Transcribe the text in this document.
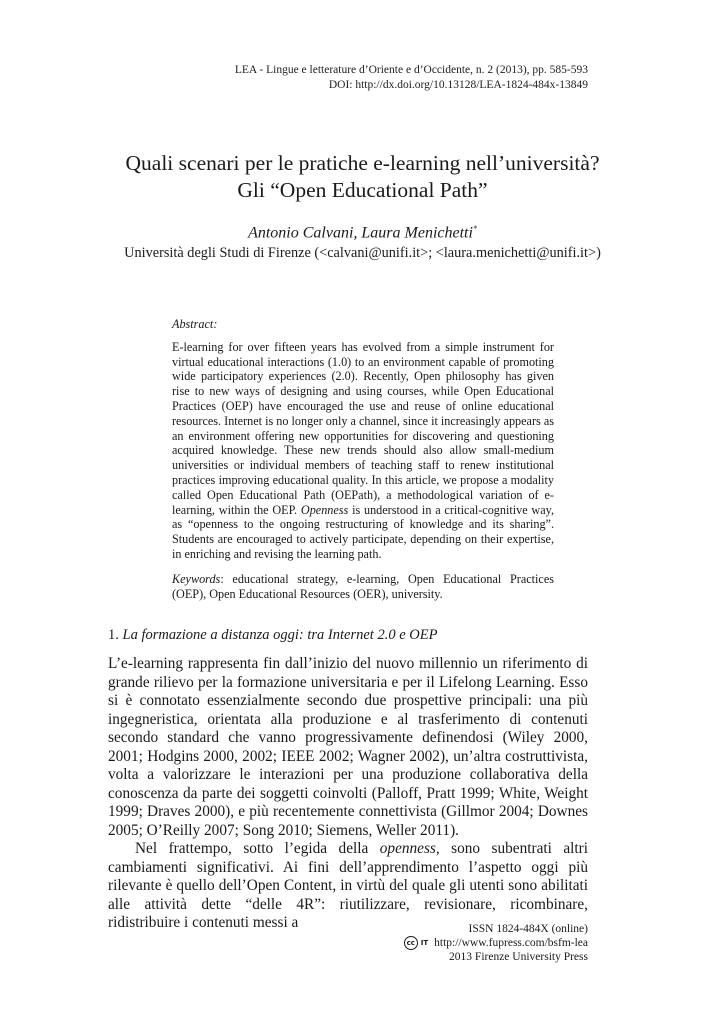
LEA - Lingue e letterature d’Oriente e d’Occidente, n. 2 (2013), pp. 585-593
DOI: http://dx.doi.org/10.13128/LEA-1824-484x-13849
Quali scenari per le pratiche e-learning nell’università?
Gli “Open Educational Path”
Antonio Calvani, Laura Menichetti*
Università degli Studi di Firenze (<calvani@unifi.it>; <laura.menichetti@unifi.it>)
Abstract:
E-learning for over fifteen years has evolved from a simple instrument for virtual educational interactions (1.0) to an environment capable of promoting wide participatory experiences (2.0). Recently, Open philosophy has given rise to new ways of designing and using courses, while Open Educational Practices (OEP) have encouraged the use and reuse of online educational resources. Internet is no longer only a channel, since it increasingly appears as an environment offering new opportunities for discovering and questioning acquired knowledge. These new trends should also allow small-medium universities or individual members of teaching staff to renew institutional practices improving educational quality. In this article, we propose a modality called Open Educational Path (OEPath), a methodological variation of e-learning, within the OEP. Openness is understood in a critical-cognitive way, as “openness to the ongoing restructuring of knowledge and its sharing”. Students are encouraged to actively participate, depending on their expertise, in enriching and revising the learning path.
Keywords: educational strategy, e-learning, Open Educational Practices (OEP), Open Educational Resources (OER), university.
1. La formazione a distanza oggi: tra Internet 2.0 e OEP

L’e-learning rappresenta fin dall’inizio del nuovo millennio un riferimento di grande rilievo per la formazione universitaria e per il Lifelong Learning. Esso si è connotato essenzialmente secondo due prospettive principali: una più ingegneristica, orientata alla produzione e al trasferimento di contenuti secondo standard che vanno progressivamente definendosi (Wiley 2000, 2001; Hodgins 2000, 2002; IEEE 2002; Wagner 2002), un’altra costruttivista, volta a valorizzare le interazioni per una produzione collaborativa della conoscenza da parte dei soggetti coinvolti (Palloff, Pratt 1999; White, Weight 1999; Draves 2000), e più recentemente connettivista (Gillmor 2004; Downes 2005; O’Reilly 2007; Song 2010; Siemens, Weller 2011).

Nel frattempo, sotto l’egida della openness, sono subentrati altri cambiamenti significativi. Ai fini dell’apprendimento l’aspetto oggi più rilevante è quello dell’Open Content, in virtù del quale gli utenti sono abilitati alle attività dette “delle 4R”: riutilizzare, revisionare, ricombinare, ridistribuire i contenuti messi a	ISSN 1824-484X (online)
cc IT http://www.fupress.com/bsfm-lea
2013 Firenze University Press
